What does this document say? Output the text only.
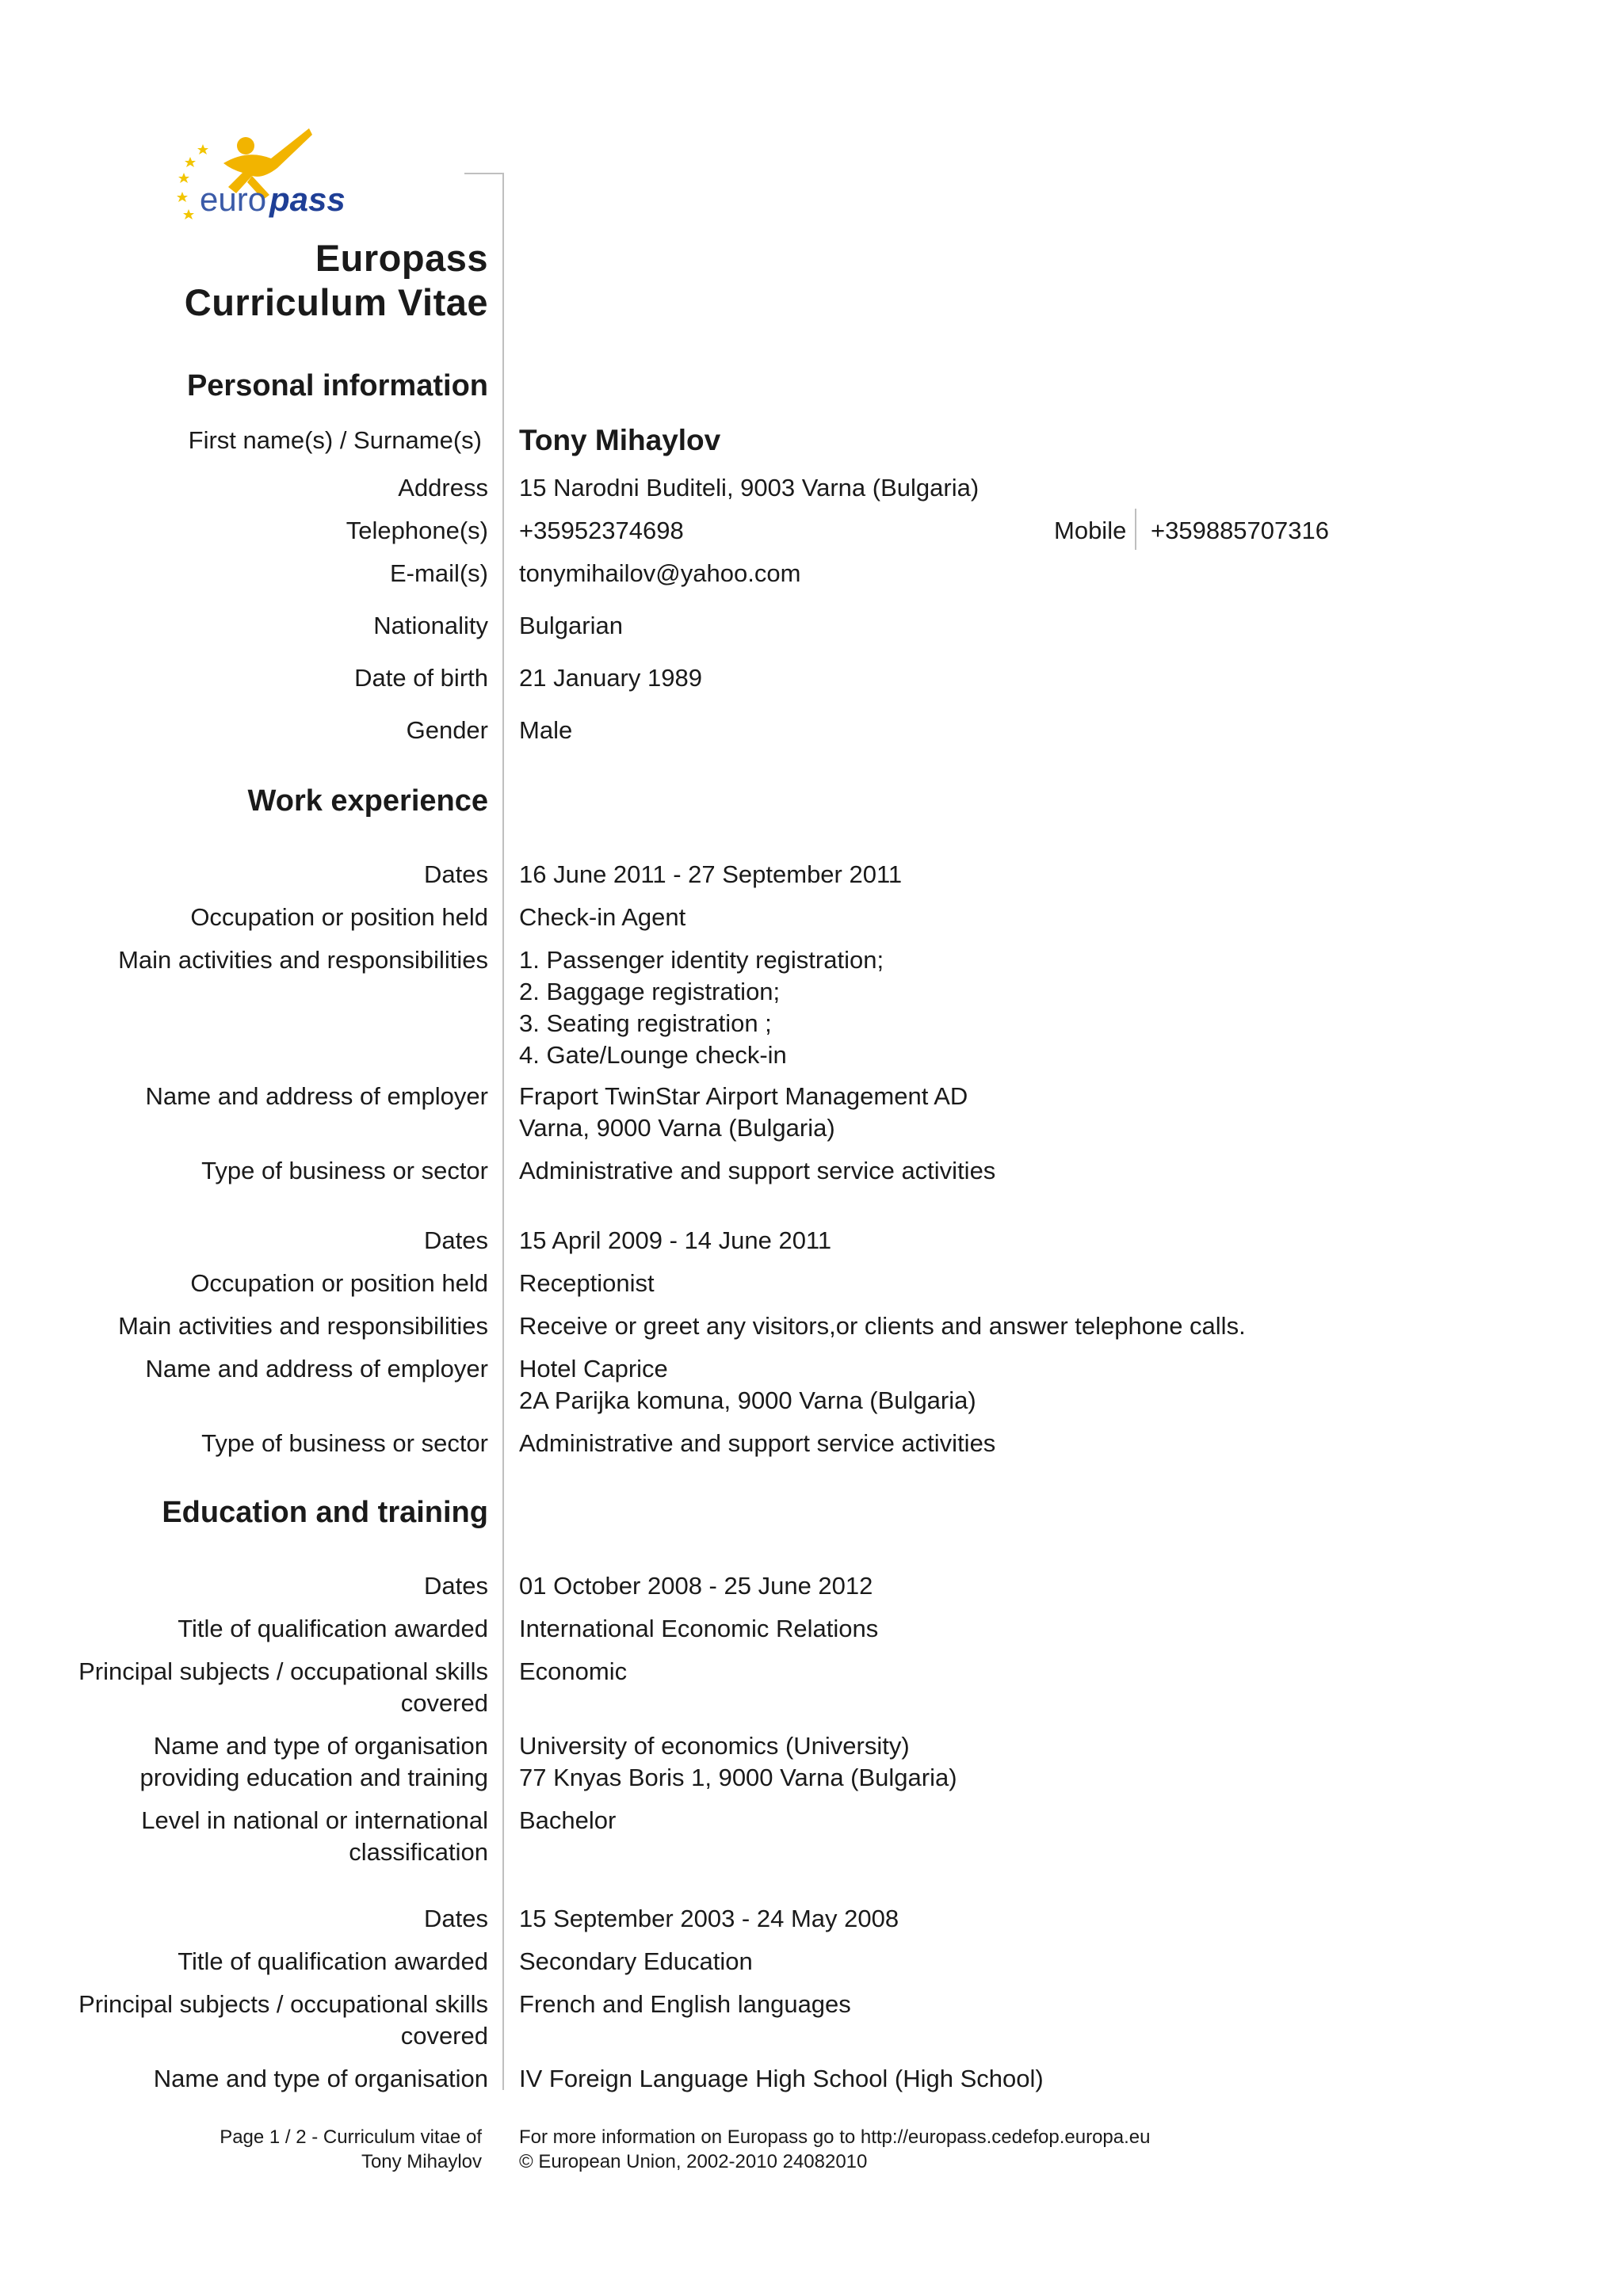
euro pass
Europass
Curriculum Vitae
Personal information
First name(s) / Surname(s) Tony Mihaylov
Address 15 Narodni Buditeli, 9003 Varna (Bulgaria)
Telephone(s) +35952374698	Mobile +359885707316
E-mail(s) tonymihailov@yahoo.com
Nationality Bulgarian
Date of birth 21 January 1989
Gender Male
Work experience
Dates 16 June 2011 - 27 September 2011
Occupation or position held Check-in Agent
Main activities and responsibilities 1. Passenger identity registration;
2. Baggage registration;
3. Seating registration ;
4. Gate/Lounge check-in
Name and address of employer Fraport TwinStar Airport Management AD
Varna, 9000 Varna (Bulgaria)
Type of business or sector Administrative and support service activities
Dates 15 April 2009 - 14 June 2011
Occupation or position held Receptionist
Main activities and responsibilities Receive or greet any visitors,or clients and answer telephone calls.
Name and address of employer Hotel Caprice
2A Parijka komuna, 9000 Varna (Bulgaria)
Type of business or sector Administrative and support service activities
Education and training
Dates 01 October 2008 - 25 June 2012
Title of qualification awarded International Economic Relations
Principal subjects / occupational skills
covered
Economic
Name and type of organisation
providing education and training
University of economics (University)
77 Knyas Boris 1, 9000 Varna (Bulgaria)
Level in national or international
classification
Bachelor
Dates 15 September 2003 - 24 May 2008
Title of qualification awarded Secondary Education
Principal subjects / occupational skills
covered
French and English languages
Name and type of organisation IV Foreign Language High School (High School)
Page 1 / 2 - Curriculum vitae of
Tony Mihaylov
For more information on Europass go to http://europass.cedefop.europa.eu
© European Union, 2002-2010 24082010
